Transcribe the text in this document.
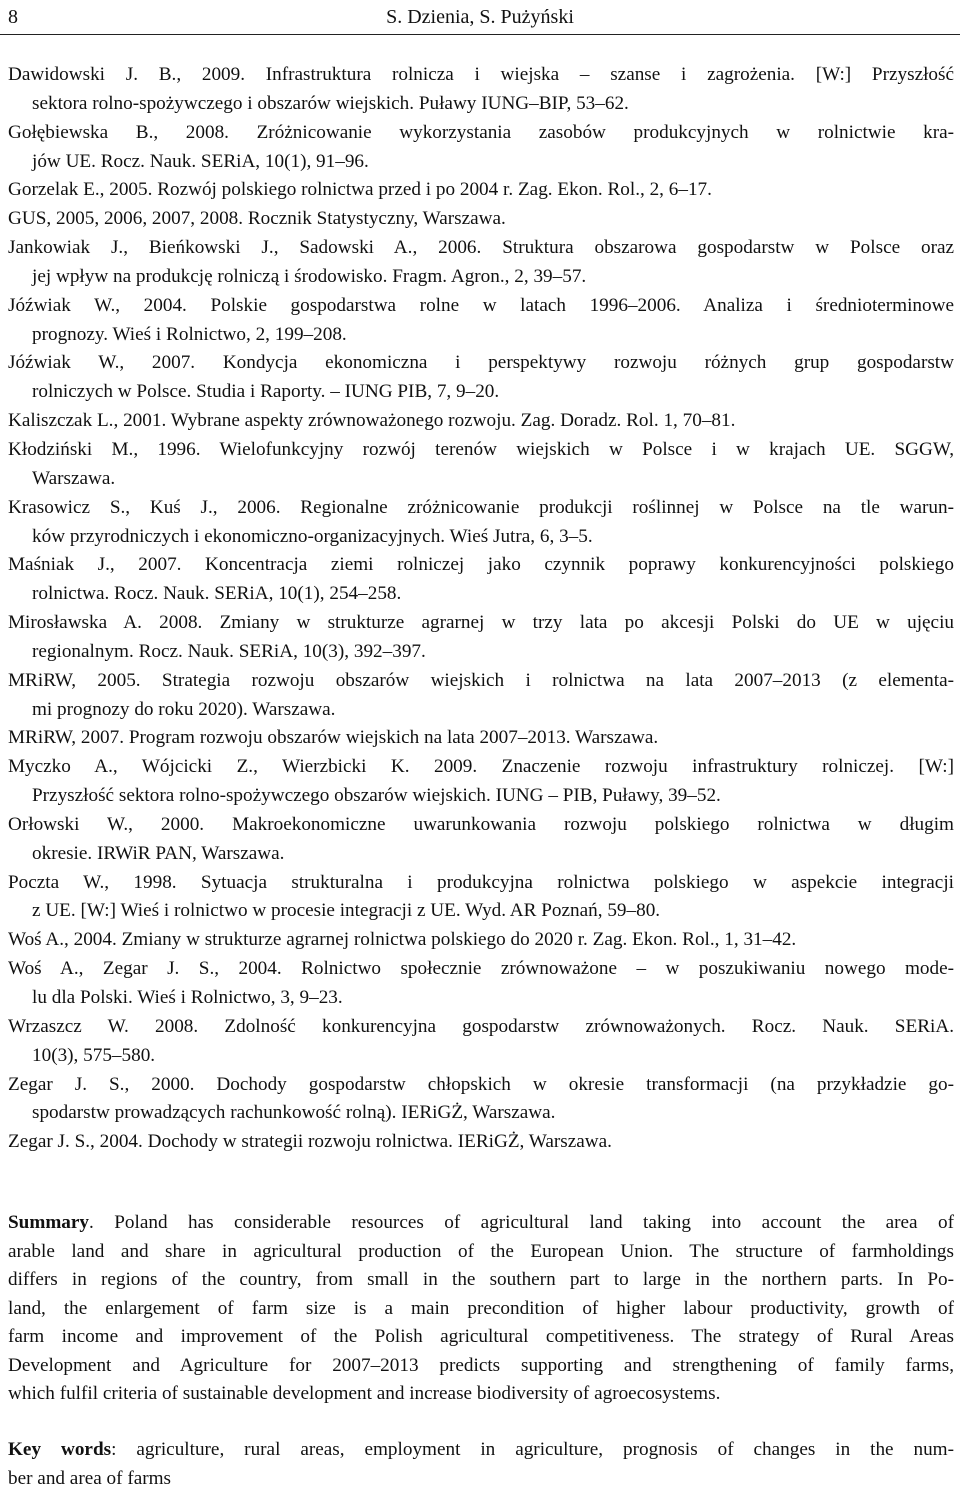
8	S. Dzienia, S. Pużyński
Dawidowski J. B., 2009. Infrastruktura rolnicza i wiejska – szanse i zagrożenia. [W:] Przyszłość
sektora rolno-spożywczego i obszarów wiejskich. Puławy IUNG–BIP, 53–62.
Gołębiewska B., 2008. Zróżnicowanie wykorzystania zasobów produkcyjnych w rolnictwie kra-
jów UE. Rocz. Nauk. SERiA, 10(1), 91–96.
Gorzelak E., 2005. Rozwój polskiego rolnictwa przed i po 2004 r. Zag. Ekon. Rol., 2, 6–17.
GUS, 2005, 2006, 2007, 2008. Rocznik Statystyczny, Warszawa.
Jankowiak J., Bieńkowski J., Sadowski A., 2006. Struktura obszarowa gospodarstw w Polsce oraz
jej wpływ na produkcję rolniczą i środowisko. Fragm. Agron., 2, 39–57.
Jóźwiak W., 2004. Polskie gospodarstwa rolne w latach 1996–2006. Analiza i średnioterminowe
prognozy. Wieś i Rolnictwo, 2, 199–208.
Jóźwiak W., 2007. Kondycja ekonomiczna i perspektywy rozwoju różnych grup gospodarstw
rolniczych w Polsce. Studia i Raporty. – IUNG PIB, 7, 9–20.
Kaliszczak L., 2001. Wybrane aspekty zrównoważonego rozwoju. Zag. Doradz. Rol. 1, 70–81.
Kłodziński M., 1996. Wielofunkcyjny rozwój terenów wiejskich w Polsce i w krajach UE. SGGW,
Warszawa.
Krasowicz S., Kuś J., 2006. Regionalne zróżnicowanie produkcji roślinnej w Polsce na tle warun-
ków przyrodniczych i ekonomiczno-organizacyjnych. Wieś Jutra, 6, 3–5.
Maśniak J., 2007. Koncentracja ziemi rolniczej jako czynnik poprawy konkurencyjności polskiego
rolnictwa. Rocz. Nauk. SERiA, 10(1), 254–258.
Mirosławska A. 2008. Zmiany w strukturze agrarnej w trzy lata po akcesji Polski do UE w ujęciu
regionalnym. Rocz. Nauk. SERiA, 10(3), 392–397.
MRiRW, 2005. Strategia rozwoju obszarów wiejskich i rolnictwa na lata 2007–2013 (z elementa-
mi prognozy do roku 2020). Warszawa.
MRiRW, 2007. Program rozwoju obszarów wiejskich na lata 2007–2013. Warszawa.
Myczko A., Wójcicki Z., Wierzbicki K. 2009. Znaczenie rozwoju infrastruktury rolniczej. [W:]
Przyszłość sektora rolno-spożywczego obszarów wiejskich. IUNG – PIB, Puławy, 39–52.
Orłowski W., 2000. Makroekonomiczne uwarunkowania rozwoju polskiego rolnictwa w długim
okresie. IRWiR PAN, Warszawa.
Poczta W., 1998. Sytuacja strukturalna i produkcyjna rolnictwa polskiego w aspekcie integracji
z UE. [W:] Wieś i rolnictwo w procesie integracji z UE. Wyd. AR Poznań, 59–80.
Woś A., 2004. Zmiany w strukturze agrarnej rolnictwa polskiego do 2020 r. Zag. Ekon. Rol., 1, 31–42.
Woś A., Zegar J. S., 2004. Rolnictwo społecznie zrównoważone – w poszukiwaniu nowego mode-
lu dla Polski. Wieś i Rolnictwo, 3, 9–23.
Wrzaszcz W. 2008. Zdolność konkurencyjna gospodarstw zrównoważonych. Rocz. Nauk. SERiA.
10(3), 575–580.
Zegar J. S., 2000. Dochody gospodarstw chłopskich w okresie transformacji (na przykładzie go-
spodarstw prowadzących rachunkowość rolną). IERiGŻ, Warszawa.
Zegar J. S., 2004. Dochody w strategii rozwoju rolnictwa. IERiGŻ, Warszawa.
Summary. Poland has considerable resources of agricultural land taking into account the area of
arable land and share in agricultural production of the European Union. The structure of farmholdings
differs in regions of the country, from small in the southern part to large in the northern parts. In Po-
land, the enlargement of farm size is a main precondition of higher labour productivity, growth of
farm income and improvement of the Polish agricultural competitiveness. The strategy of Rural Areas
Development and Agriculture for 2007–2013 predicts supporting and strengthening of family farms,
which fulfil criteria of sustainable development and increase biodiversity of agroecosystems.
Key words: agriculture, rural areas, employment in agriculture, prognosis of changes in the num-
ber and area of farms
